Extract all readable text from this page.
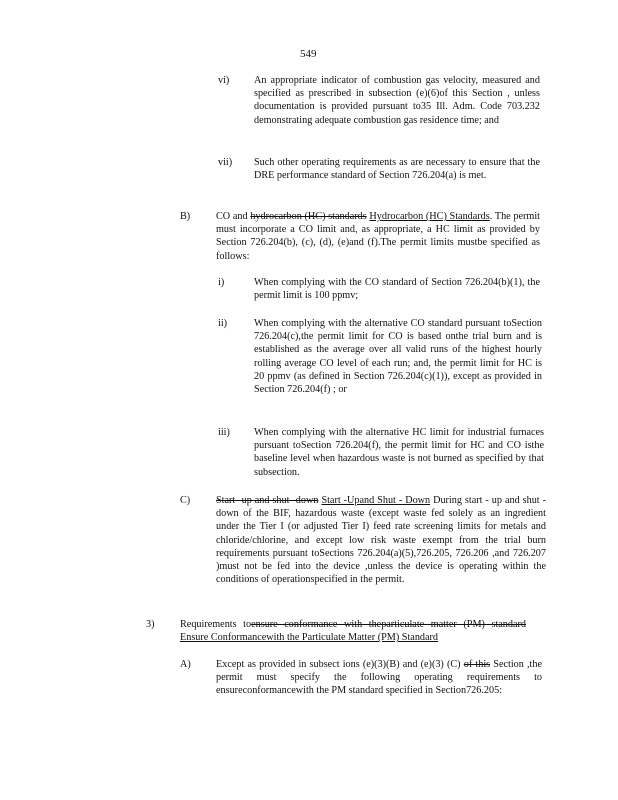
549
vi) An appropriate indicator of combustion gas velocity, measured and specified as prescribed in subsection (e)(6)of this Section , unless documentation is provided pursuant to35 Ill. Adm. Code 703.232 demonstrating adequate combustion gas residence time; and
vii) Such other operating requirements as are necessary to ensure that the DRE performance standard of Section 726.204(a) is met.
B)	CO and hydrocarbon (HC) standards Hydrocarbon (HC) Standards. The permit must incorporate a CO limit and, as appropriate, a HC limit as provided by Section 726.204(b), (c), (d), (e)and (f).The permit limits mustbe specified as follows:
i)	When complying with the CO standard of Section 726.204(b)(1), the permit limit is 100 ppmv;
ii)	When complying with the alternative CO standard pursuant toSection 726.204(c),the permit limit for CO is based onthe trial burn and is established as the average over all valid runs of the highest hourly rolling average CO level of each run; and, the permit limit for HC is 20 ppmv (as defined in Section 726.204(c)(1)), except as provided in Section 726.204(f) ; or
iii) When complying with the alternative HC limit for industrial furnaces pursuant toSection 726.204(f), the permit limit for HC and CO isthe baseline level when hazardous waste is not burned as specified by that subsection.
C)	Start -up and shut -down Start -Upand Shut - Down During start - up and shut -down of the BIF, hazardous waste (except waste fed solely as an ingredient under the Tier I (or adjusted Tier I) feed rate screening limits for metals and chloride/chlorine, and except low risk waste exempt from the trial burn requirements pursuant toSections 726.204(a)(5),726.205, 726.206 ,and 726.207 )must not be fed into the device ,unless the device is operating within the conditions of operationspecified in the permit.
3)	Requirements toensure conformance with theparticulate matter (PM) standard Ensure Conformancewith the Particulate Matter (PM) Standard
A) Except as provided in subsect ions (e)(3)(B) and (e)(3) (C) of this Section ,the permit must specify the following operating requirements to ensureconformancewith the PM standard specified in Section726.205:
